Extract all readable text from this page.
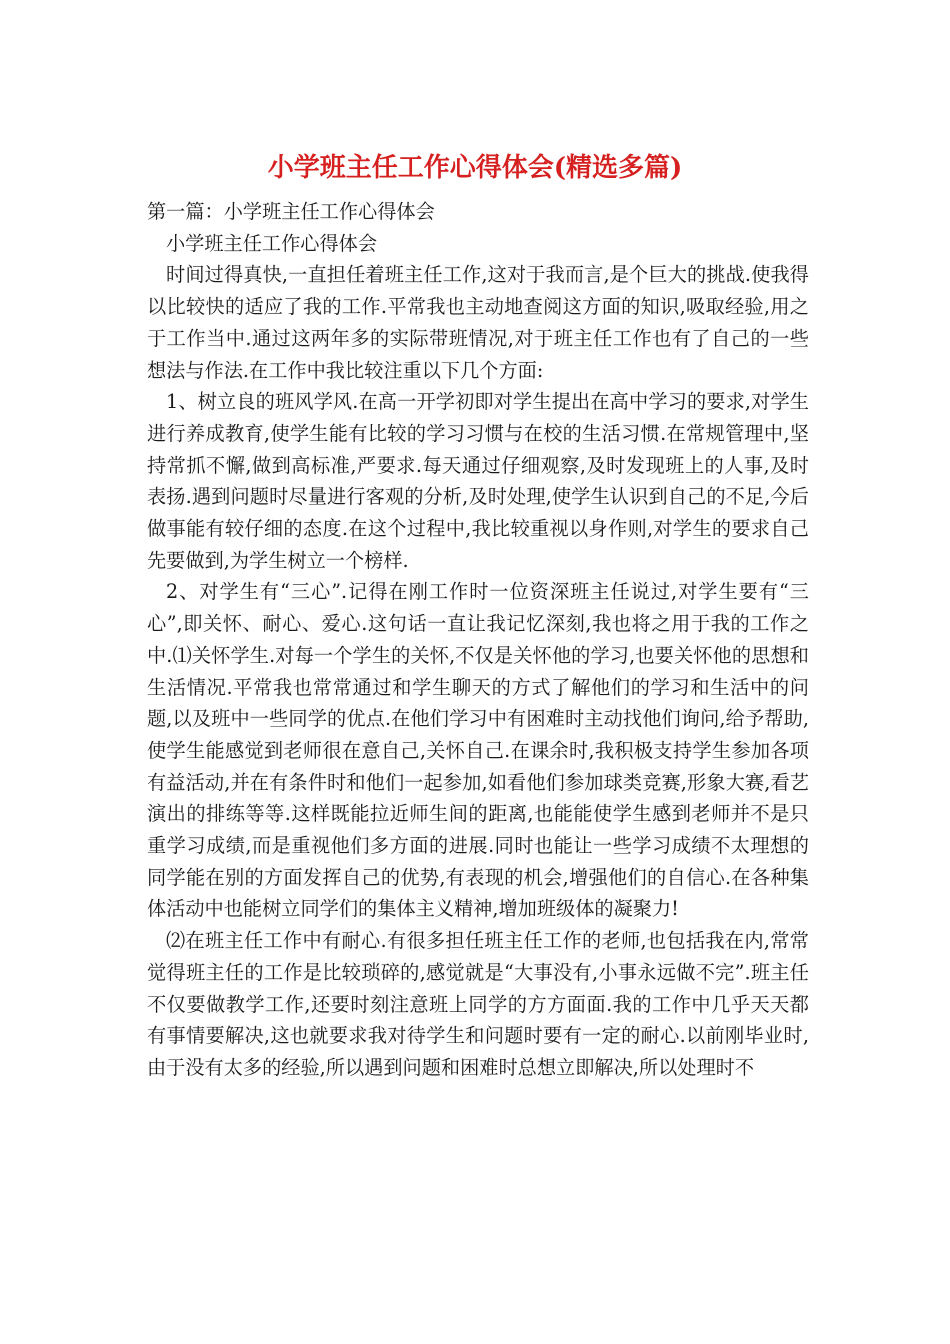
小学班主任工作心得体会(精选多篇)

第一篇：小学班主任工作心得体会

小学班主任工作心得体会

时间过得真快,一直担任着班主任工作,这对于我而言,是个巨大的挑战.使我得以比较快的适应了我的工作.平常我也主动地查阅这方面的知识,吸取经验,用之于工作当中.通过这两年多的实际带班情况,对于班主任工作也有了自己的一些想法与作法.在工作中我比较注重以下几个方面:

1、树立良的班风学风.在高一开学初即对学生提出在高中学习的要求,对学生进行养成教育,使学生能有比较的学习习惯与在校的生活习惯.在常规管理中,坚持常抓不懈,做到高标准,严要求.每天通过仔细观察,及时发现班上的人事,及时表扬.遇到问题时尽量进行客观的分析,及时处理,使学生认识到自己的不足,今后做事能有较仔细的态度.在这个过程中,我比较重视以身作则,对学生的要求自己先要做到,为学生树立一个榜样.

2、对学生有“三心”.记得在刚工作时一位资深班主任说过,对学生要有“三心”,即关怀、耐心、爱心.这句话一直让我记忆深刻,我也将之用于我的工作之中.⑴关怀学生.对每一个学生的关怀,不仅是关怀他的学习,也要关怀他的思想和生活情况.平常我也常常通过和学生聊天的方式了解他们的学习和生活中的问题,以及班中一些同学的优点.在他们学习中有困难时主动找他们询问,给予帮助,使学生能感觉到老师很在意自己,关怀自己.在课余时,我积极支持学生参加各项有益活动,并在有条件时和他们一起参加,如看他们参加球类竞赛,形象大赛,看艺演出的排练等等.这样既能拉近师生间的距离,也能能使学生感到老师并不是只重学习成绩,而是重视他们多方面的进展.同时也能让一些学习成绩不太理想的同学能在别的方面发挥自己的优势,有表现的机会,增强他们的自信心.在各种集体活动中也能树立同学们的集体主义精神,增加班级体的凝聚力!

⑵在班主任工作中有耐心.有很多担任班主任工作的老师,也包括我在内,常常觉得班主任的工作是比较琐碎的,感觉就是“大事没有,小事永远做不完”.班主任不仅要做教学工作,还要时刻注意班上同学的方方面面.我的工作中几乎天天都有事情要解决,这也就要求我对待学生和问题时要有一定的耐心.以前刚毕业时,由于没有太多的经验,所以遇到问题和困难时总想立即解决,所以处理时不
